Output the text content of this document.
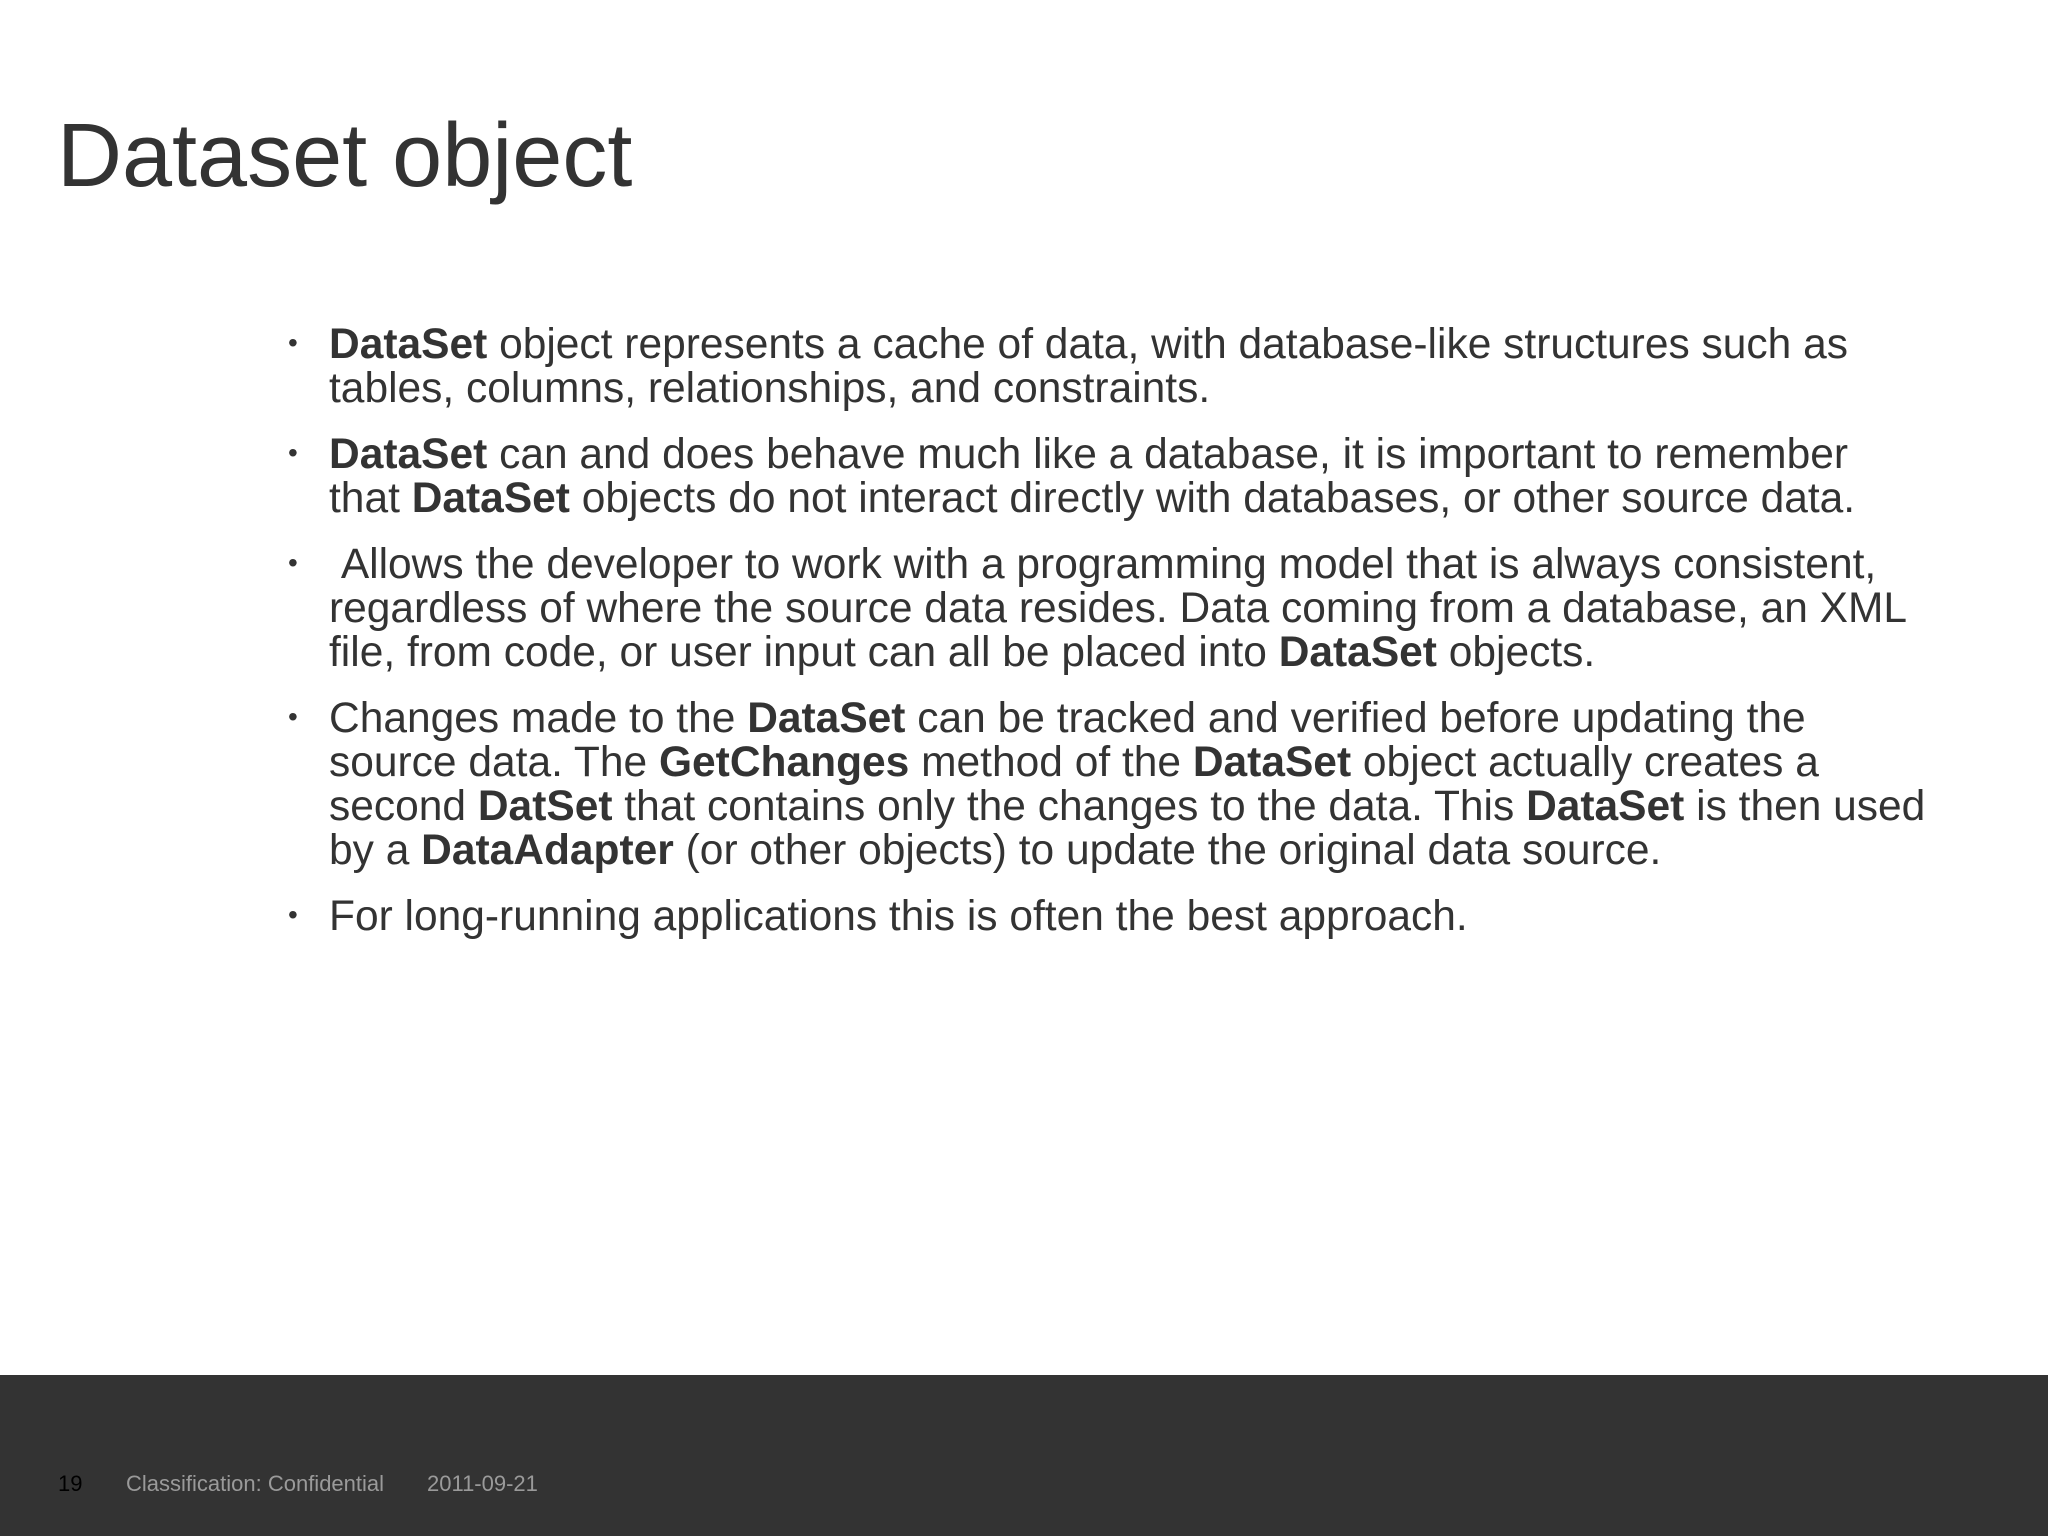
Dataset object
• DataSet object represents a cache of data, with database-like structures such as tables, columns, relationships, and constraints.
• DataSet can and does behave much like a database, it is important to remember that DataSet objects do not interact directly with databases, or other source data.
• Allows the developer to work with a programming model that is always consistent, regardless of where the source data resides. Data coming from a database, an XML file, from code, or user input can all be placed into DataSet objects.
• Changes made to the DataSet can be tracked and verified before updating the source data. The GetChanges method of the DataSet object actually creates a second DatSet that contains only the changes to the data. This DataSet is then used by a DataAdapter (or other objects) to update the original data source.
• For long-running applications this is often the best approach.
19 Classification: Confidential 2011-09-21
